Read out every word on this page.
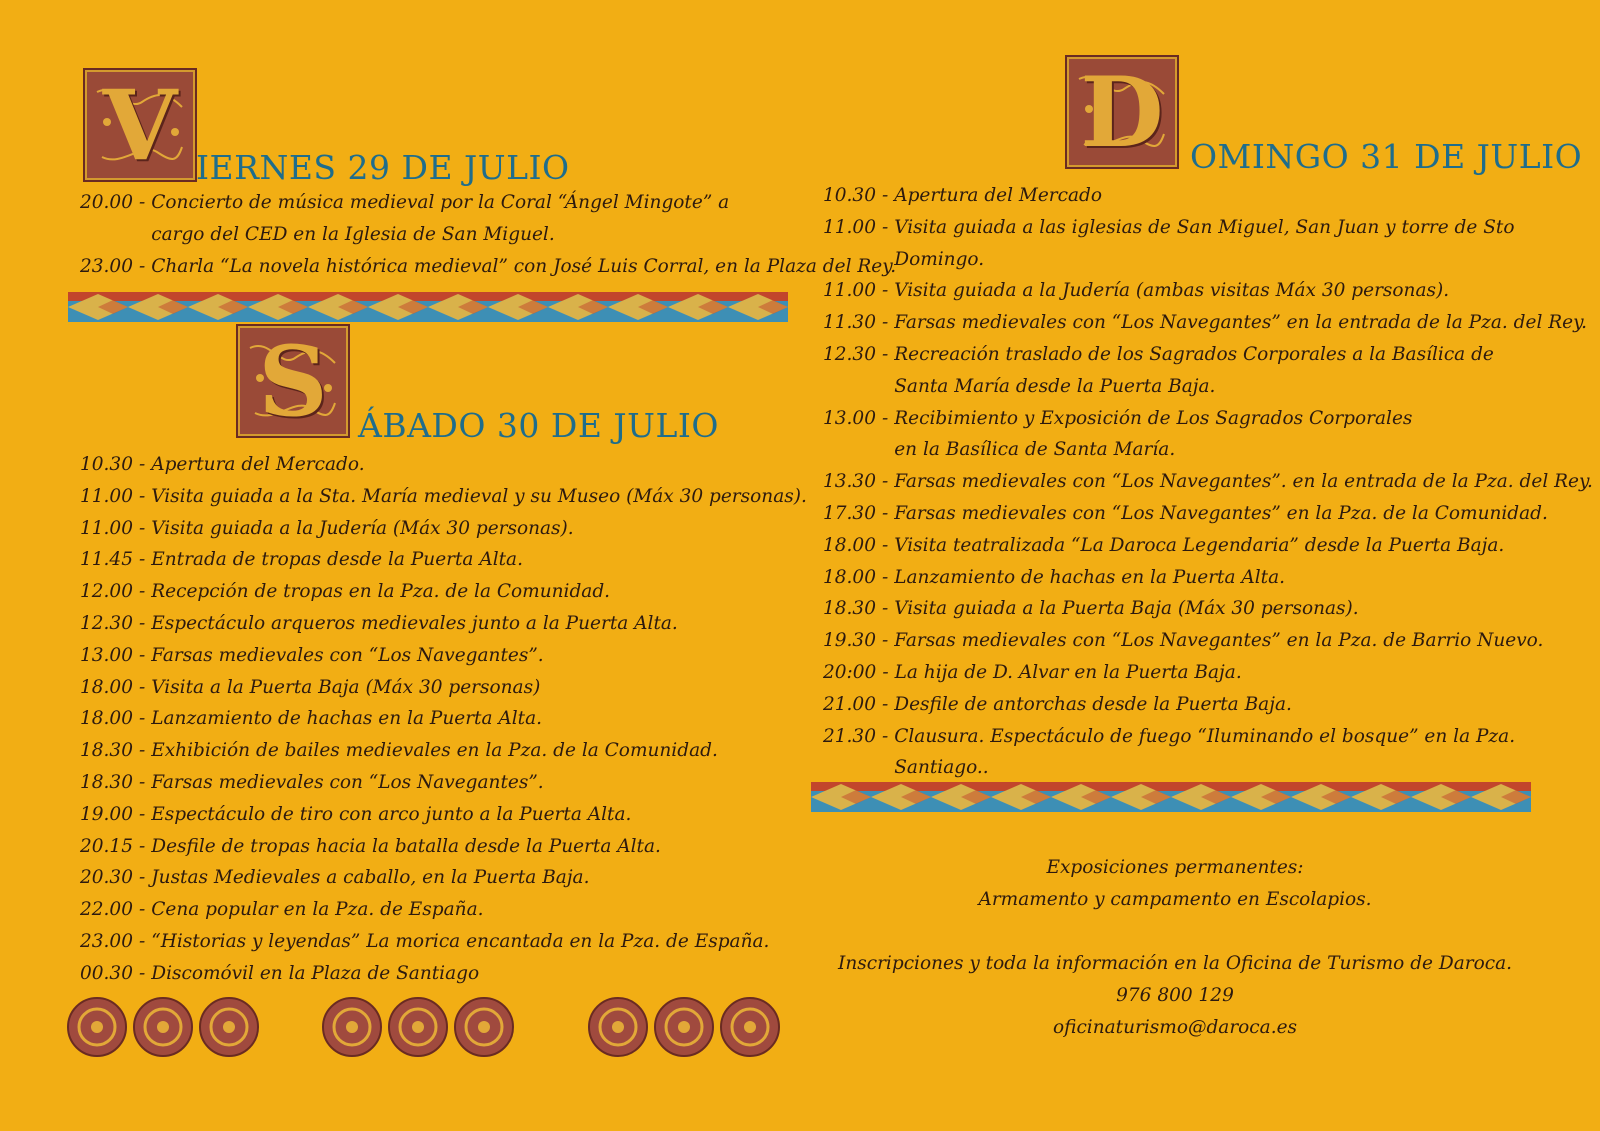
V IERNES 29 DE JULIO
20.00 - Concierto de música medieval por la Coral “Ángel Mingote” a cargo del CED en la Iglesia de San Miguel.
23.00 - Charla “La novela histórica medieval” con José Luis Corral, en la Plaza del Rey.
S ÁBADO 30 DE JULIO
10.30 - Apertura del Mercado.
11.00 - Visita guiada a la Sta. María medieval y su Museo (Máx 30 personas).
11.00 - Visita guiada a la Judería (Máx 30 personas).
11.45 - Entrada de tropas desde la Puerta Alta.
12.00 - Recepción de tropas en la Pza. de la Comunidad.
12.30 - Espectáculo arqueros medievales junto a la Puerta Alta.
13.00 - Farsas medievales con “Los Navegantes”.
18.00 - Visita a la Puerta Baja (Máx 30 personas)
18.00 - Lanzamiento de hachas en la Puerta Alta.
18.30 - Exhibición de bailes medievales en la Pza. de la Comunidad.
18.30 - Farsas medievales con “Los Navegantes”.
19.00 - Espectáculo de tiro con arco junto a la Puerta Alta.
20.15 - Desfile de tropas hacia la batalla desde la Puerta Alta.
20.30 - Justas Medievales a caballo, en la Puerta Baja.
22.00 - Cena popular en la Pza. de España.
23.00 - “Historias y leyendas” La morica encantada en la Pza. de España.
00.30 - Discomóvil en la Plaza de Santiago
D OMINGO 31 DE JULIO
10.30 - Apertura del Mercado
11.00 - Visita guiada a las iglesias de San Miguel, San Juan y torre de Sto Domingo.
11.00 - Visita guiada a la Judería (ambas visitas Máx 30 personas).
11.30 - Farsas medievales con “Los Navegantes” en la entrada de la Pza. del Rey.
12.30 - Recreación traslado de los Sagrados Corporales a la Basílica de Santa María desde la Puerta Baja.
13.00 - Recibimiento y Exposición de Los Sagrados Corporales en la Basílica de Santa María.
13.30 - Farsas medievales con “Los Navegantes”. en la entrada de la Pza. del Rey.
17.30 - Farsas medievales con “Los Navegantes” en la Pza. de la Comunidad.
18.00 - Visita teatralizada “La Daroca Legendaria” desde la Puerta Baja.
18.00 - Lanzamiento de hachas en la Puerta Alta.
18.30 - Visita guiada a la Puerta Baja (Máx 30 personas).
19.30 - Farsas medievales con “Los Navegantes” en la Pza. de Barrio Nuevo.
20:00 - La hija de D. Alvar en la Puerta Baja.
21.00 - Desfile de antorchas desde la Puerta Baja.
21.30 - Clausura. Espectáculo de fuego “Iluminando el bosque” en la Pza. Santiago..
Exposiciones permanentes:
Armamento y campamento en Escolapios.
Inscripciones y toda la información en la Oficina de Turismo de Daroca.
976 800 129
oficinaturismo@daroca.es
